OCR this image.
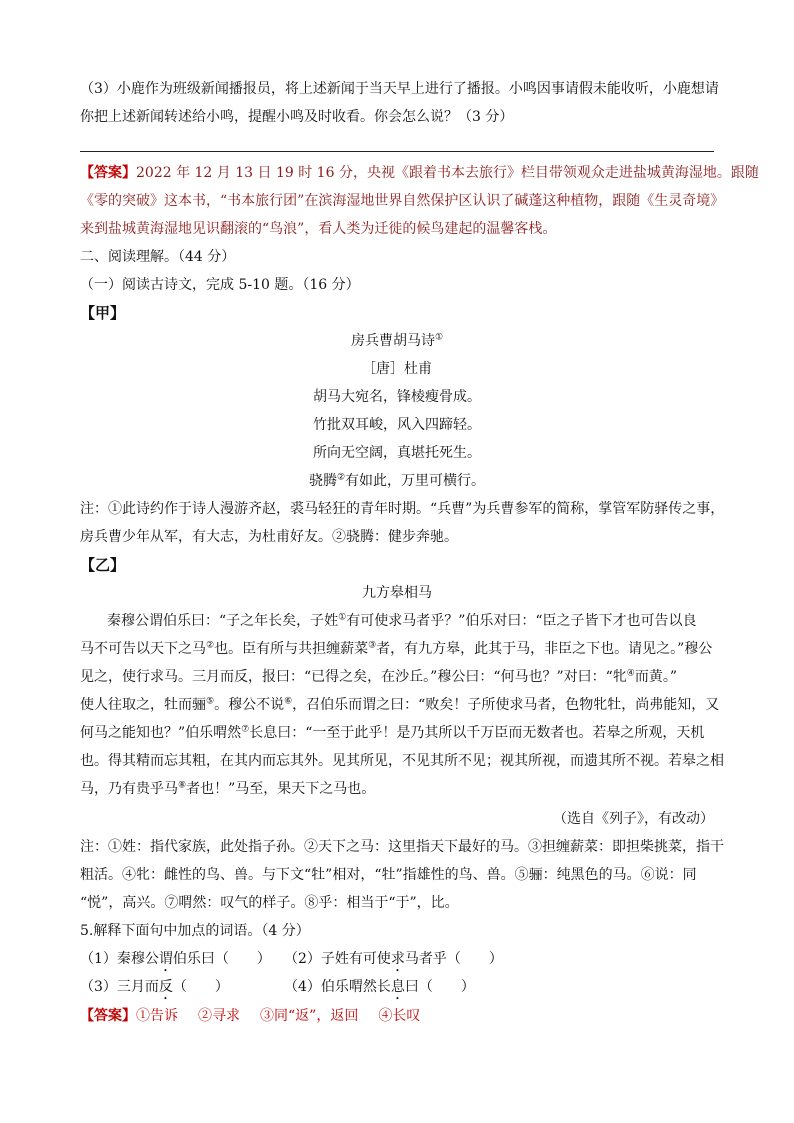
（3）小鹿作为班级新闻播报员，将上述新闻于当天早上进行了播报。小鸣因事请假未能收听，小鹿想请
你把上述新闻转述给小鸣，提醒小鸣及时收看。你会怎么说？（3 分）
【答案】2022 年 12 月 13 日 19 时 16 分，央视《跟着书本去旅行》栏目带领观众走进盐城黄海湿地。跟随
《零的突破》这本书，“书本旅行团”在滨海湿地世界自然保护区认识了碱蓬这种植物，跟随《生灵奇境》
来到盐城黄海湿地见识翻滚的“鸟浪”，看人类为迁徙的候鸟建起的温馨客栈。
二、阅读理解。（44 分）
（一）阅读古诗文，完成 5-10 题。（16 分）
【甲】
房兵曹胡马诗①
［唐］杜甫
胡马大宛名，锋棱瘦骨成。
竹批双耳峻，风入四蹄轻。
所向无空阔，真堪托死生。
骁腾②有如此，万里可横行。
注：①此诗约作于诗人漫游齐赵，裘马轻狂的青年时期。“兵曹”为兵曹参军的简称，掌管军防驿传之事，
房兵曹少年从军，有大志，为杜甫好友。②骁腾：健步奔驰。
【乙】
九方皋相马
秦穆公谓伯乐曰：“子之年长矣，子姓①有可使求马者乎？”伯乐对曰：“臣之子皆下才也可告以良
马不可告以天下之马②也。臣有所与共担缠薪菜③者，有九方皋，此其于马，非臣之下也。请见之。”穆公
见之，使行求马。三月而反，报曰：“已得之矣，在沙丘。”穆公曰：“何马也？”对曰：“牝④而黄。”
使人往取之，牡而骊⑤。穆公不说⑥，召伯乐而谓之曰：“败矣！子所使求马者，色物牝牡，尚弗能知，又
何马之能知也？”伯乐喟然⑦长息曰：“一至于此乎！是乃其所以千万臣而无数者也。若皋之所观，天机
也。得其精而忘其粗，在其内而忘其外。见其所见，不见其所不见；视其所视，而遗其所不视。若皋之相
马，乃有贵乎马⑧者也！”马至，果天下之马也。
（选自《列子》，有改动）
注：①姓：指代家族，此处指子孙。②天下之马：这里指天下最好的马。③担缠薪菜：即担柴挑菜，指干
粗活。④牝：雌性的鸟、兽。与下文“牡”相对，“牡”指雄性的鸟、兽。⑤骊：纯黑色的马。⑥说：同
“悦”，高兴。⑦喟然：叹气的样子。⑧乎：相当于“于”，比。
5.解释下面句中加点的词语。（4 分）
（1）秦穆公谓伯乐曰（　　） （2）子姓有可使求马者乎（　　）
（3）三月而反（　　）	（4）伯乐喟然长息曰（　　）
【答案】①告诉 ②寻求 ③同“返”，返回 ④长叹
